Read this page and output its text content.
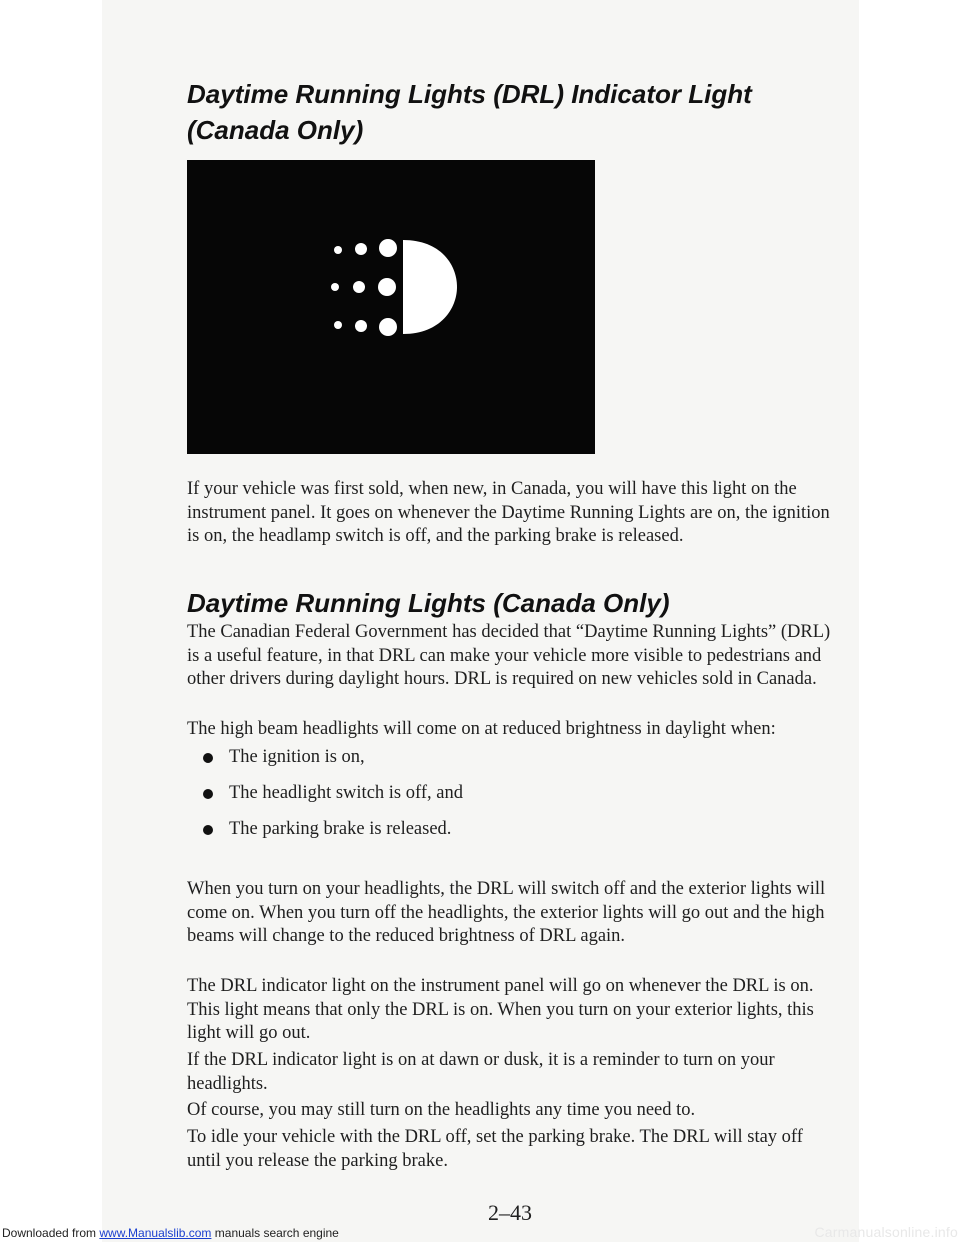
Daytime Running Lights (DRL) Indicator Light
(Canada Only)

If your vehicle was first sold, when new, in Canada, you will have this light on the instrument panel. It goes on whenever the Daytime Running Lights are on, the ignition is on, the headlamp switch is off, and the parking brake is released.

Daytime Running Lights (Canada Only)

The Canadian Federal Government has decided that “Daytime Running Lights” (DRL) is a useful feature, in that DRL can make your vehicle more visible to pedestrians and other drivers during daylight hours. DRL is required on new vehicles sold in Canada.

The high beam headlights will come on at reduced brightness in daylight when:

The ignition is on,
The headlight switch is off, and
The parking brake is released.

When you turn on your headlights, the DRL will switch off and the exterior lights will come on. When you turn off the headlights, the exterior lights will go out and the high beams will change to the reduced brightness of DRL again.

The DRL indicator light on the instrument panel will go on whenever the DRL is on. This light means that only the DRL is on. When you turn on your exterior lights, this light will go out.

If the DRL indicator light is on at dawn or dusk, it is a reminder to turn on your headlights.

Of course, you may still turn on the headlights any time you need to.

To idle your vehicle with the DRL off, set the parking brake. The DRL will stay off until you release the parking brake.

2–43
Downloaded from www.Manualslib.com manuals search engine	Carmanualsonline.info
